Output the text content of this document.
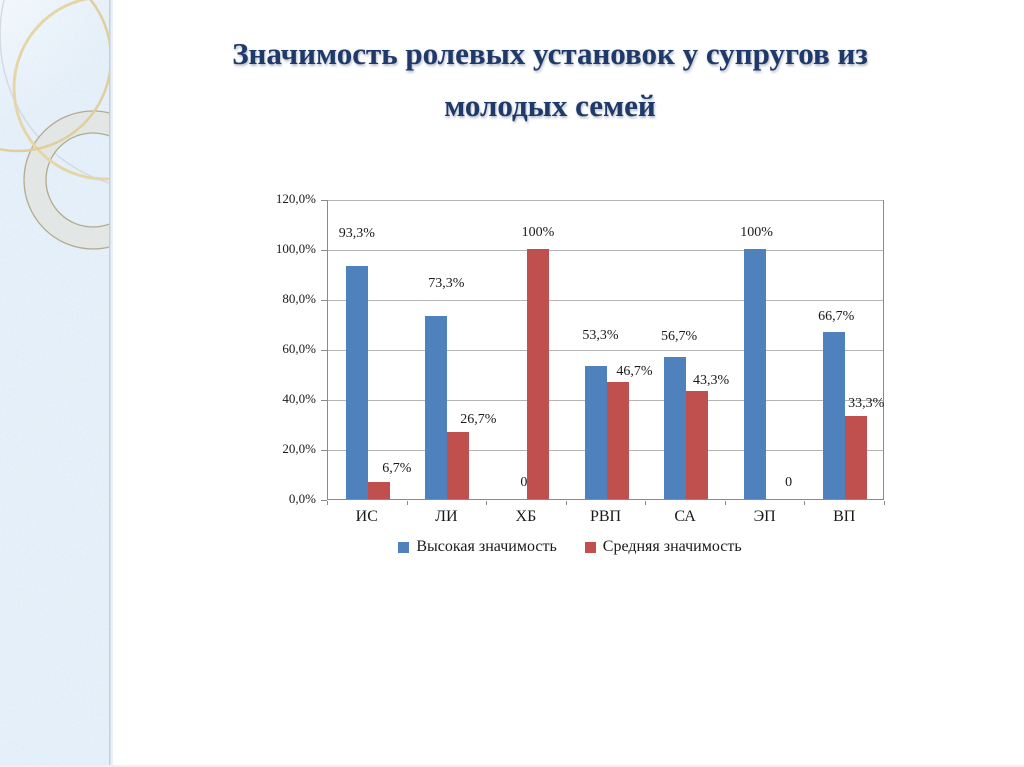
Значимость ролевых установок у супругов из
молодых семей
93,3%
73,3%
0
53,3%	56,7%
100%
66,7%
6,7%
26,7%
100%
46,7%
43,3%
0
33,3%
Высокая значимость	Средняя значимость
0,0%
20,0%
40,0%
60,0%
80,0%
100,0%
120,0%
ИС	ЛИ	ХБ	РВП	СА	ЭП	ВП
